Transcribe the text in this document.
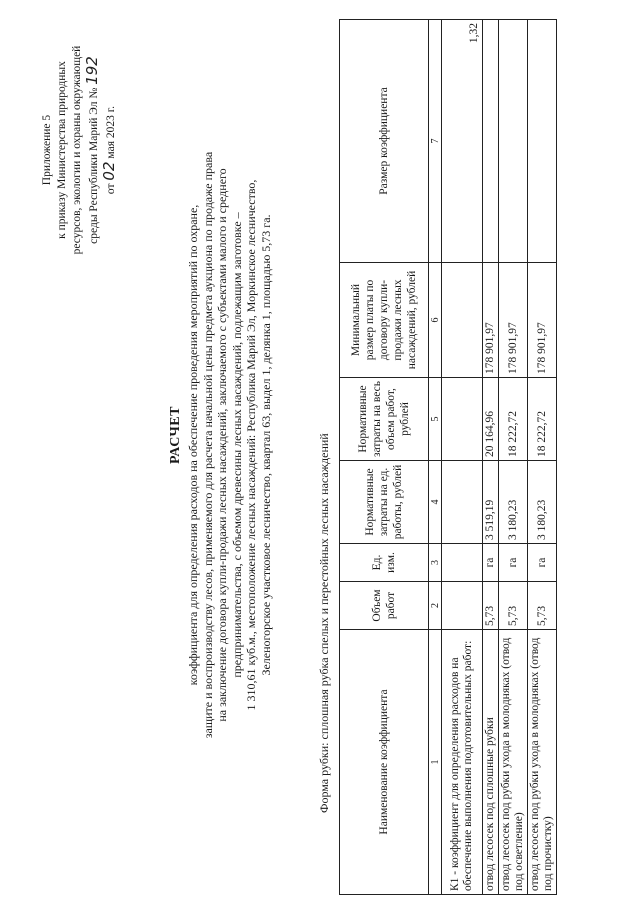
Приложение 5 к приказу Министерства природных ресурсов, экологии и охраны окружающей среды Республики Марий Эл № 192
от 02 мая 2023 г.
РАСЧЕТ коэффициента для определения расходов на обеспечение проведения мероприятий по охране, защите и воспроизводству лесов, применяемого для расчета начальной цены предмета аукциона по продаже права на заключение договора купли-продажи лесных насаждений, заключаемого с субъектами малого и среднего предпринимательства, с объемом древесины лесных насаждений, подлежащим заготовке – 1 310,61 куб.м., местоположение лесных насаждений: Республика Марий Эл, Моркинское лесничество, Зеленогорское участковое лесничество, квартал 63, выдел 1, делянка 1, площадью 5,73 га.	Форма рубки: сплошная рубка спелых и перестойных лесных насаждений	Наименование коэффициента	Объем работ	Ед. изм.	Нормативные затраты на ед. работы, рублей	Нормативные затраты на весь объем работ, рублей	Минимальный размер платы по договору купли-продажи лесных насаждений, рублей	Размер коэффициента
1	2	3	4	5	6	7
К1 - коэффициент для определения расходов на обеспечение выполнения подготовительных работ:						1,32
отвод лесосек под сплошные рубки	5,73	га	3 519,19	20 164,96	178 901,97	
отвод лесосек под рубки ухода в молодняках (отвод под осветление)	5,73	га	3 180,23	18 222,72	178 901,97	
отвод лесосек под рубки ухода в молодняках (отвод под прочистку)	5,73	га	3 180,23	18 222,72	178 901,97	
